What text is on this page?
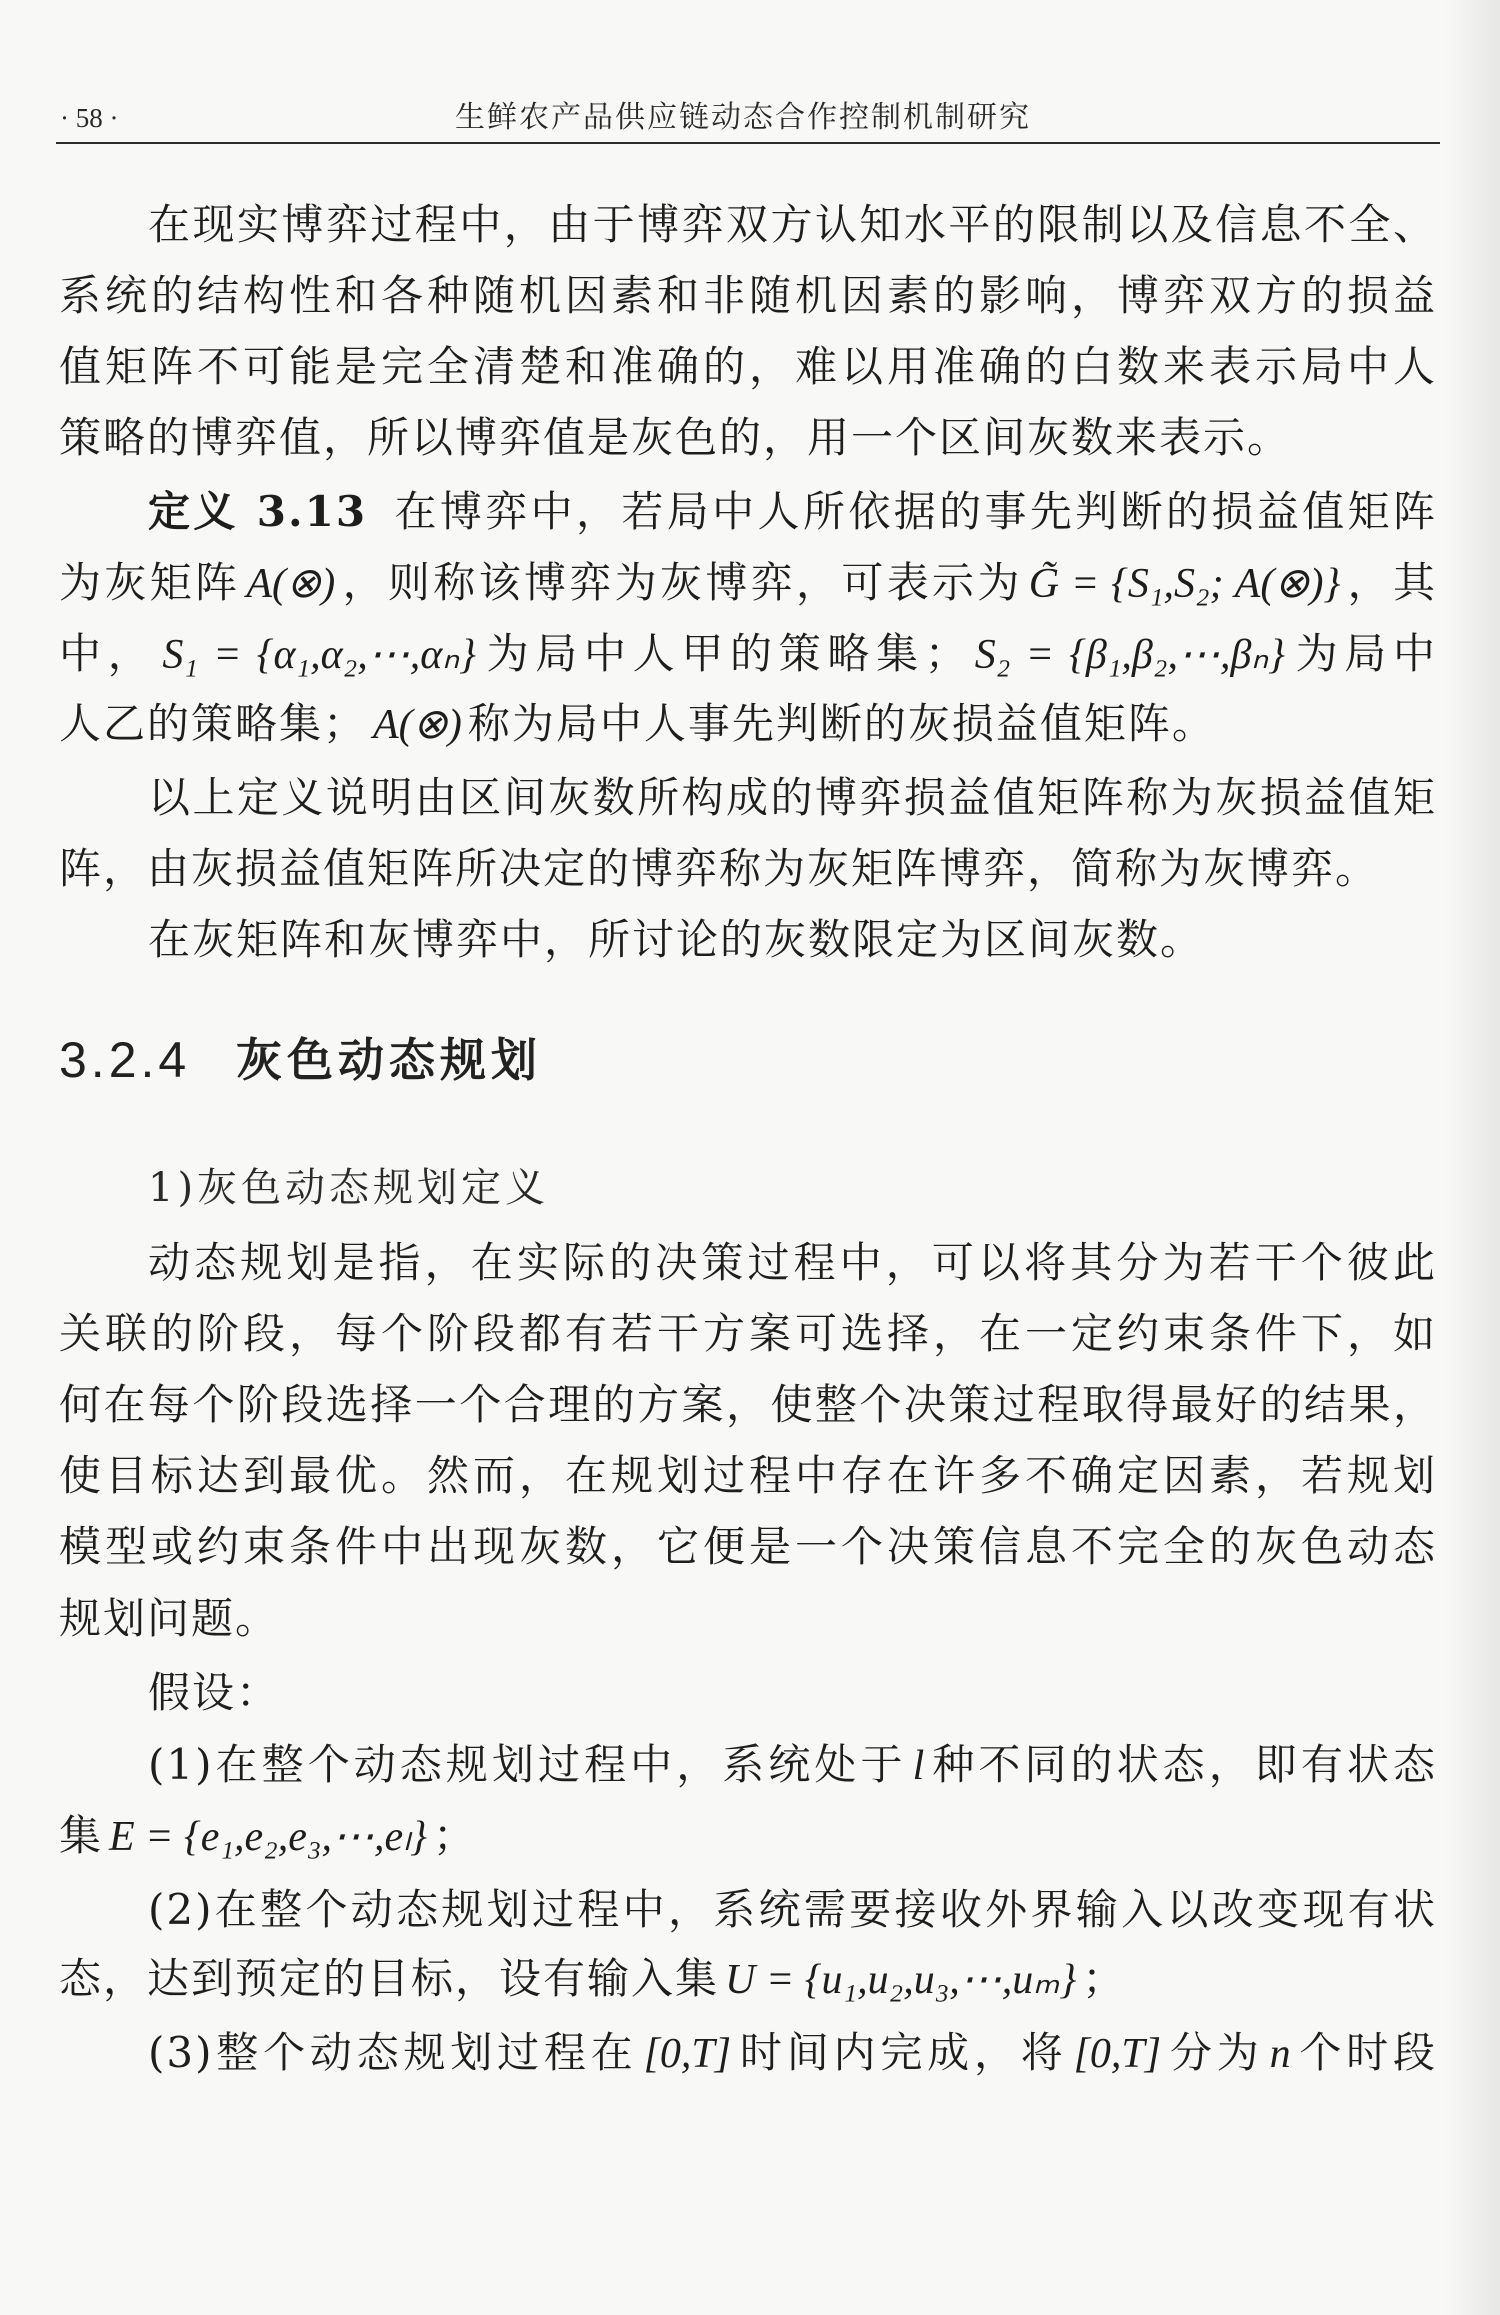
· 58 ·	生鲜农产品供应链动态合作控制机制研究
在现实博弈过程中，由于博弈双方认知水平的限制以及信息不全、
系统的结构性和各种随机因素和非随机因素的影响，博弈双方的损益
值矩阵不可能是完全清楚和准确的，难以用准确的白数来表示局中人
策略的博弈值，所以博弈值是灰色的，用一个区间灰数来表示。
定义 3.13 在博弈中，若局中人所依据的事先判断的损益值矩阵
为灰矩阵 A(⊗) ，则称该博弈为灰博弈，可表示为 G̃ = {S₁,S₂; A(⊗)} ，其
中， S₁ = {α₁,α₂,⋯,αₙ} 为局中人甲的策略集； S₂ = {β₁,β₂,⋯,βₙ} 为局中
人乙的策略集； A(⊗) 称为局中人事先判断的灰损益值矩阵。
以上定义说明由区间灰数所构成的博弈损益值矩阵称为灰损益值矩
阵，由灰损益值矩阵所决定的博弈称为灰矩阵博弈，简称为灰博弈。
在灰矩阵和灰博弈中，所讨论的灰数限定为区间灰数。
3.2.4 灰色动态规划
1)灰色动态规划定义
动态规划是指，在实际的决策过程中，可以将其分为若干个彼此
关联的阶段，每个阶段都有若干方案可选择，在一定约束条件下，如
何在每个阶段选择一个合理的方案，使整个决策过程取得最好的结果，
使目标达到最优。然而，在规划过程中存在许多不确定因素，若规划
模型或约束条件中出现灰数，它便是一个决策信息不完全的灰色动态
规划问题。
假设：
(1)在整个动态规划过程中，系统处于 l 种不同的状态，即有状态
集 E = {e₁,e₂,e₃,⋯,eₗ} ；
(2)在整个动态规划过程中，系统需要接收外界输入以改变现有状
态，达到预定的目标，设有输入集 U = {u₁,u₂,u₃,⋯,uₘ} ；
(3)整个动态规划过程在 [0,T] 时间内完成，将 [0,T] 分为 n 个时段
